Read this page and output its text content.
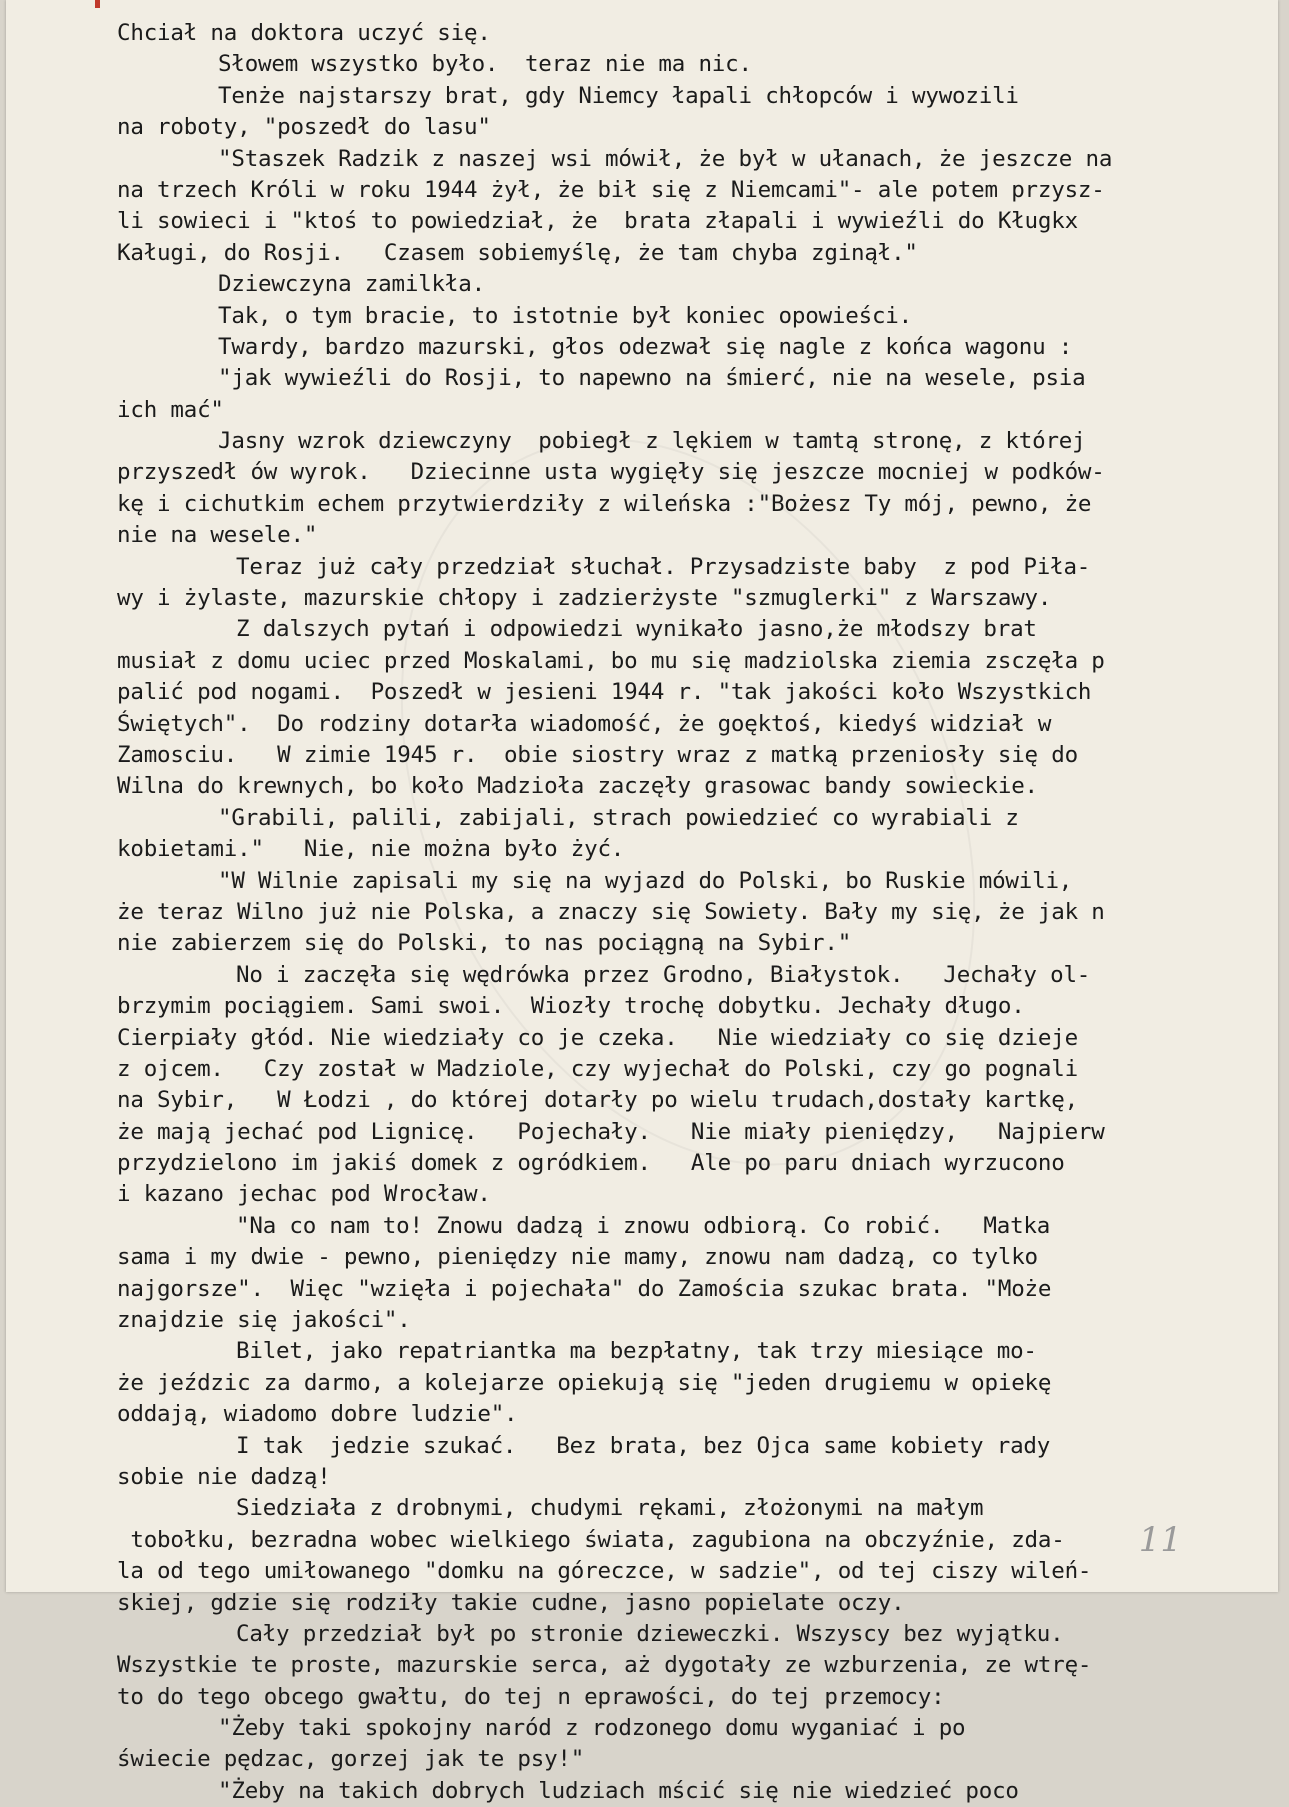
Chciał na doktora uczyć się.
Słowem wszystko było.  teraz nie ma nic.
Tenże najstarszy brat, gdy Niemcy łapali chłopców i wywozili
na roboty, "poszedł do lasu"
"Staszek Radzik z naszej wsi mówił, że był w ułanach, że jeszcze na
na trzech Króli w roku 1944 żył, że bił się z Niemcami"- ale potem przysz-
li sowieci i "ktoś to powiedział, że  brata złapali i wywieźli do Kługkx
Kaługi, do Rosji.   Czasem sobiemyślę, że tam chyba zginął."
Dziewczyna zamilkła.
Tak, o tym bracie, to istotnie był koniec opowieści.
Twardy, bardzo mazurski, głos odezwał się nagle z końca wagonu :
"jak wywieźli do Rosji, to napewno na śmierć, nie na wesele, psia
ich mać"
Jasny wzrok dziewczyny  pobiegł z lękiem w tamtą stronę, z której
przyszedł ów wyrok.   Dziecinne usta wygięły się jeszcze mocniej w podków-
kę i cichutkim echem przytwierdziły z wileńska :"Bożesz Ty mój, pewno, że
nie na wesele."
Teraz już cały przedział słuchał. Przysadziste baby  z pod Piła-
wy i żylaste, mazurskie chłopy i zadzierżyste "szmuglerki" z Warszawy.
Z dalszych pytań i odpowiedzi wynikało jasno,że młodszy brat
musiał z domu uciec przed Moskalami, bo mu się madziolska ziemia zsczęła p
palić pod nogami.  Poszedł w jesieni 1944 r. "tak jakości koło Wszystkich
Świętych".  Do rodziny dotarła wiadomość, że goęktoś, kiedyś widział w
Zamosciu.   W zimie 1945 r.  obie siostry wraz z matką przeniosły się do
Wilna do krewnych, bo koło Madzioła zaczęły grasowac bandy sowieckie.
"Grabili, palili, zabijali, strach powiedzieć co wyrabiali z
kobietami."   Nie, nie można było żyć.
"W Wilnie zapisali my się na wyjazd do Polski, bo Ruskie mówili,
że teraz Wilno już nie Polska, a znaczy się Sowiety. Bały my się, że jak n
nie zabierzem się do Polski, to nas pociągną na Sybir."
No i zaczęła się wędrówka przez Grodno, Białystok.   Jechały ol-
brzymim pociągiem. Sami swoi.  Wiozły trochę dobytku. Jechały długo.
Cierpiały głód. Nie wiedziały co je czeka.   Nie wiedziały co się dzieje
z ojcem.   Czy został w Madziole, czy wyjechał do Polski, czy go pognali
na Sybir,   W Łodzi , do której dotarły po wielu trudach,dostały kartkę,
że mają jechać pod Lignicę.   Pojechały.   Nie miały pieniędzy,   Najpierw
przydzielono im jakiś domek z ogródkiem.   Ale po paru dniach wyrzucono
i kazano jechac pod Wrocław.
"Na co nam to! Znowu dadzą i znowu odbiorą. Co robić.   Matka
sama i my dwie - pewno, pieniędzy nie mamy, znowu nam dadzą, co tylko
najgorsze".  Więc "wzięła i pojechała" do Zamościa szukac brata. "Może
znajdzie się jakości".
Bilet, jako repatriantka ma bezpłatny, tak trzy miesiące mo-
że jeździc za darmo, a kolejarze opiekują się "jeden drugiemu w opiekę
oddają, wiadomo dobre ludzie".
I tak  jedzie szukać.   Bez brata, bez Ojca same kobiety rady
sobie nie dadzą!
Siedziała z drobnymi, chudymi rękami, złożonymi na małym
tobołku, bezradna wobec wielkiego świata, zagubiona na obczyźnie, zda-
la od tego umiłowanego "domku na góreczce, w sadzie", od tej ciszy wileń-
skiej, gdzie się rodziły takie cudne, jasno popielate oczy.
Cały przedział był po stronie dzieweczki. Wszyscy bez wyjątku.
Wszystkie te proste, mazurskie serca, aż dygotały ze wzburzenia, ze wtrę-
to do tego obcego gwałtu, do tej n eprawości, do tej przemocy:
"Żeby taki spokojny naród z rodzonego domu wyganiać i po
świecie pędzac, gorzej jak te psy!"
"Żeby na takich dobrych ludziach mścić się nie wiedzieć poco
11
